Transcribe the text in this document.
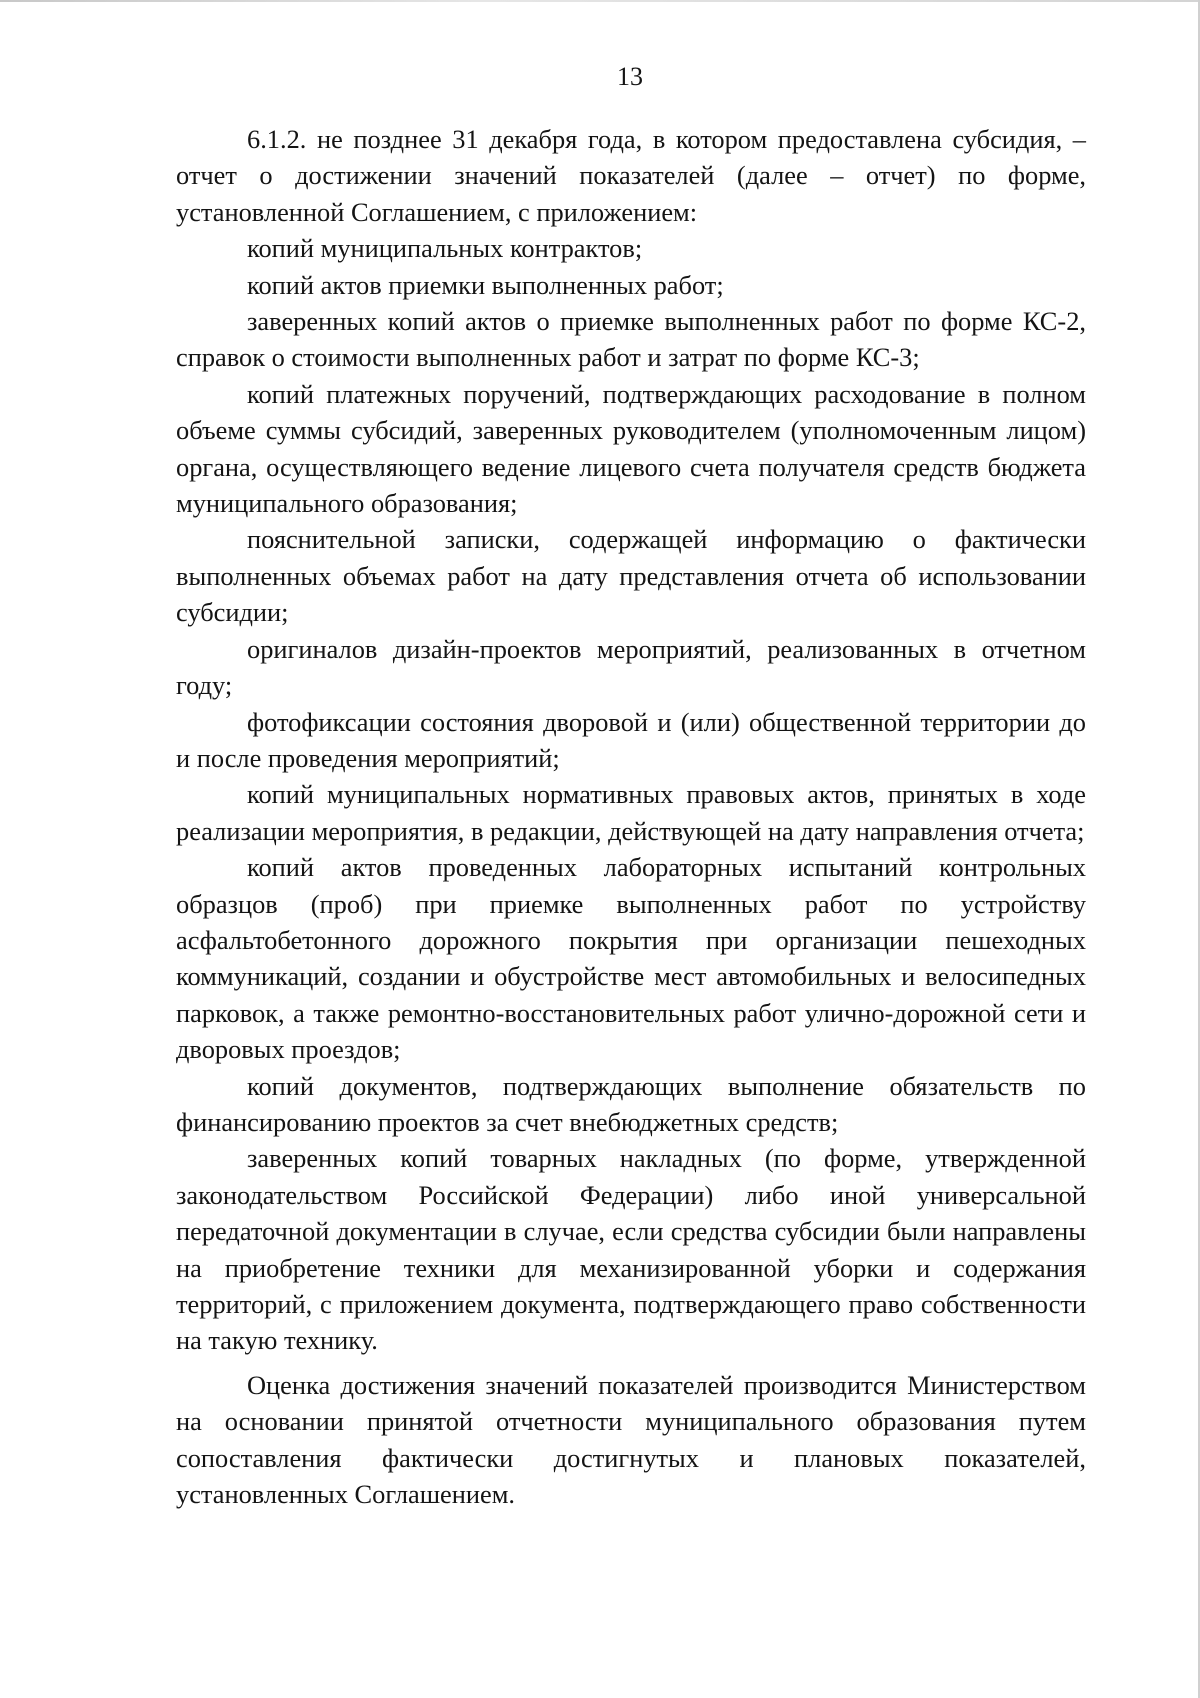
13

6.1.2. не позднее 31 декабря года, в котором предоставлена субсидия, – отчет о достижении значений показателей (далее – отчет) по форме, установленной Соглашением, с приложением:

копий муниципальных контрактов;

копий актов приемки выполненных работ;

заверенных копий актов о приемке выполненных работ по форме КС-2, справок о стоимости выполненных работ и затрат по форме КС-3;

копий платежных поручений, подтверждающих расходование в полном объеме суммы субсидий, заверенных руководителем (уполномоченным лицом) органа, осуществляющего ведение лицевого счета получателя средств бюджета муниципального образования;

пояснительной записки, содержащей информацию о фактически выполненных объемах работ на дату представления отчета об использовании субсидии;

оригиналов дизайн-проектов мероприятий, реализованных в отчетном году;

фотофиксации состояния дворовой и (или) общественной территории до и после проведения мероприятий;

копий муниципальных нормативных правовых актов, принятых в ходе реализации мероприятия, в редакции, действующей на дату направления отчета;

копий актов проведенных лабораторных испытаний контрольных образцов (проб) при приемке выполненных работ по устройству асфальтобетонного дорожного покрытия при организации пешеходных коммуникаций, создании и обустройстве мест автомобильных и велосипедных парковок, а также ремонтно-восстановительных работ улично-дорожной сети и дворовых проездов;

копий документов, подтверждающих выполнение обязательств по финансированию проектов за счет внебюджетных средств;

заверенных копий товарных накладных (по форме, утвержденной законодательством Российской Федерации) либо иной универсальной передаточной документации в случае, если средства субсидии были направлены на приобретение техники для механизированной уборки и содержания территорий, с приложением документа, подтверждающего право собственности на такую технику.

Оценка достижения значений показателей производится Министерством на основании принятой отчетности муниципального образования путем сопоставления фактически достигнутых и плановых показателей, установленных Соглашением.
